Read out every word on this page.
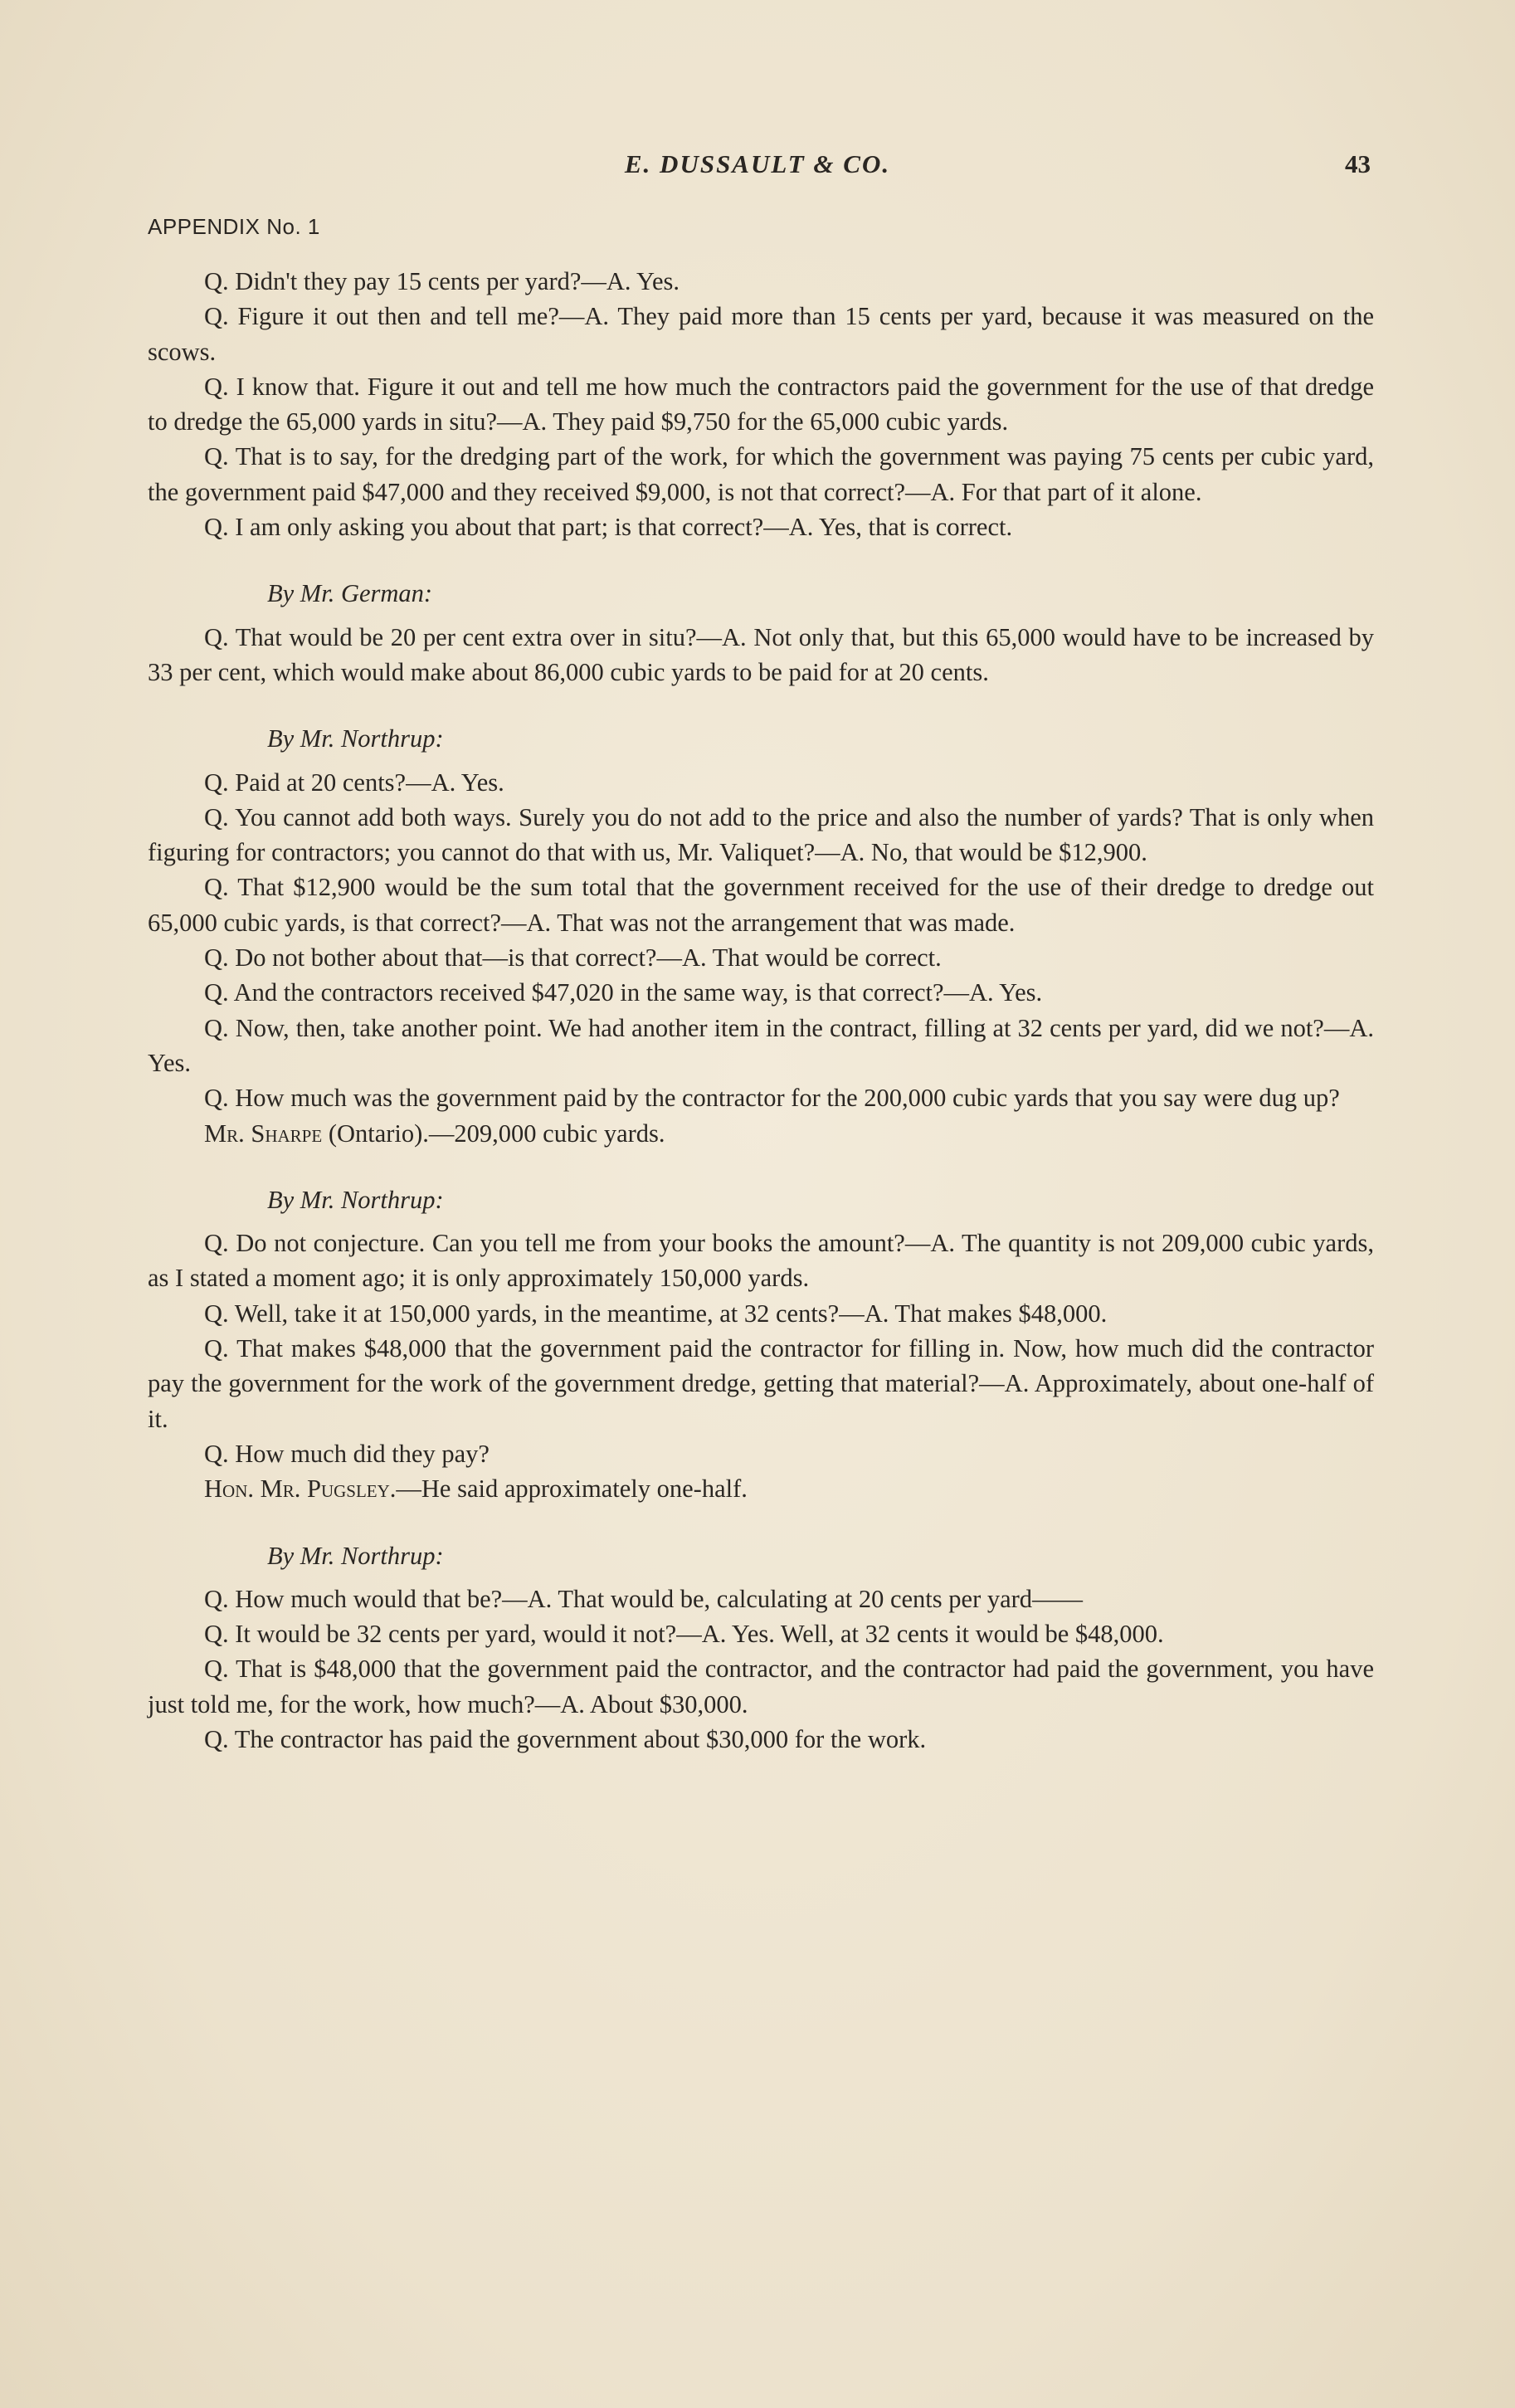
E. DUSSAULT & CO.	43
APPENDIX No. 1

Q. Didn't they pay 15 cents per yard?—A. Yes.

Q. Figure it out then and tell me?—A. They paid more than 15 cents per yard, because it was measured on the scows.

Q. I know that. Figure it out and tell me how much the contractors paid the government for the use of that dredge to dredge the 65,000 yards in situ?—A. They paid $9,750 for the 65,000 cubic yards.

Q. That is to say, for the dredging part of the work, for which the government was paying 75 cents per cubic yard, the government paid $47,000 and they received $9,000, is not that correct?—A. For that part of it alone.

Q. I am only asking you about that part; is that correct?—A. Yes, that is correct.

By Mr. German:

Q. That would be 20 per cent extra over in situ?—A. Not only that, but this 65,000 would have to be increased by 33 per cent, which would make about 86,000 cubic yards to be paid for at 20 cents.

By Mr. Northrup:

Q. Paid at 20 cents?—A. Yes.

Q. You cannot add both ways. Surely you do not add to the price and also the number of yards? That is only when figuring for contractors; you cannot do that with us, Mr. Valiquet?—A. No, that would be $12,900.

Q. That $12,900 would be the sum total that the government received for the use of their dredge to dredge out 65,000 cubic yards, is that correct?—A. That was not the arrangement that was made.

Q. Do not bother about that—is that correct?—A. That would be correct.

Q. And the contractors received $47,020 in the same way, is that correct?—A. Yes.

Q. Now, then, take another point. We had another item in the contract, filling at 32 cents per yard, did we not?—A. Yes.

Q. How much was the government paid by the contractor for the 200,000 cubic yards that you say were dug up?

Mr. Sharpe (Ontario).—209,000 cubic yards.

By Mr. Northrup:

Q. Do not conjecture. Can you tell me from your books the amount?—A. The quantity is not 209,000 cubic yards, as I stated a moment ago; it is only approximately 150,000 yards.

Q. Well, take it at 150,000 yards, in the meantime, at 32 cents?—A. That makes $48,000.

Q. That makes $48,000 that the government paid the contractor for filling in. Now, how much did the contractor pay the government for the work of the government dredge, getting that material?—A. Approximately, about one-half of it.

Q. How much did they pay?

Hon. Mr. Pugsley.—He said approximately one-half.

By Mr. Northrup:

Q. How much would that be?—A. That would be, calculating at 20 cents per yard——

Q. It would be 32 cents per yard, would it not?—A. Yes. Well, at 32 cents it would be $48,000.

Q. That is $48,000 that the government paid the contractor, and the contractor had paid the government, you have just told me, for the work, how much?—A. About $30,000.

Q. The contractor has paid the government about $30,000 for the work.
